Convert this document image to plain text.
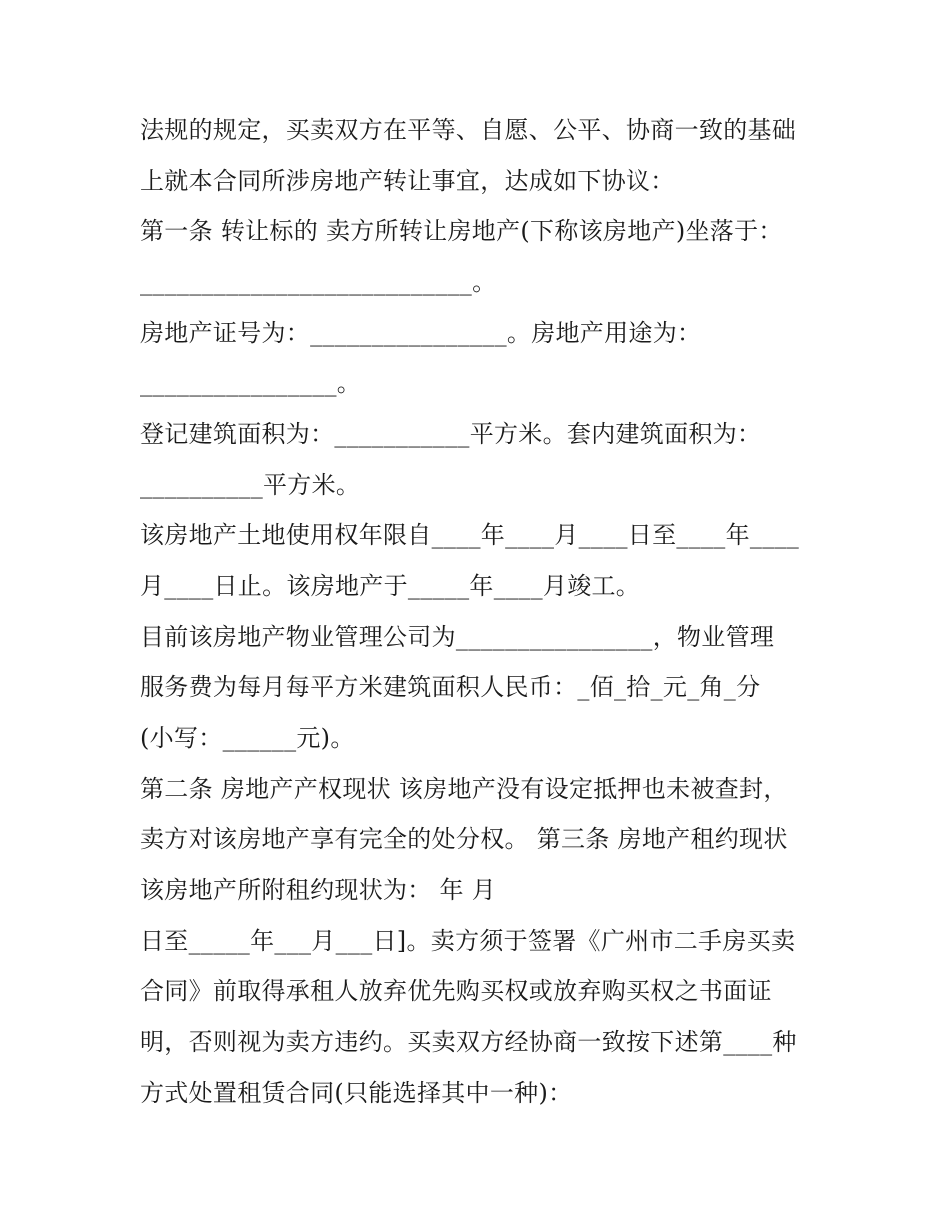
法规的规定，买卖双方在平等、自愿、公平、协商一致的基础
上就本合同所涉房地产转让事宜，达成如下协议：
第一条 转让标的 卖方所转让房地产(下称该房地产)坐落于：
___________________________。
房地产证号为：________________。房地产用途为：
________________。
登记建筑面积为：___________平方米。套内建筑面积为：
__________平方米。
该房地产土地使用权年限自____年____月____日至____年____
月____日止。该房地产于_____年____月竣工。
目前该房地产物业管理公司为________________，物业管理
服务费为每月每平方米建筑面积人民币：_佰_拾_元_角_分
(小写：______元)。
第二条 房地产产权现状 该房地产没有设定抵押也未被查封，
卖方对该房地产享有完全的处分权。 第三条 房地产租约现状
该房地产所附租约现状为： 年 月
日至_____年___月___日]。卖方须于签署《广州市二手房买卖
合同》前取得承租人放弃优先购买权或放弃购买权之书面证
明，否则视为卖方违约。买卖双方经协商一致按下述第____种
方式处置租赁合同(只能选择其中一种)：
